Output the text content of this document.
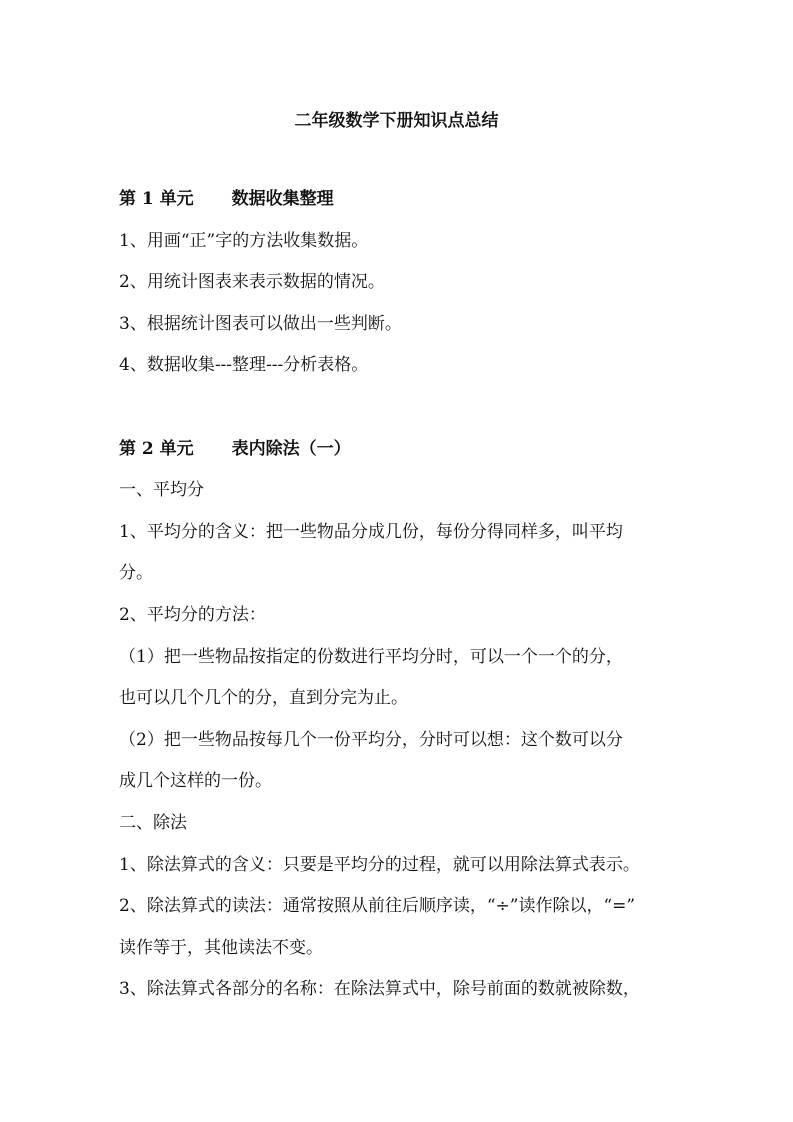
二年级数学下册知识点总结
第 1 单元 数据收集整理
1、用画“正”字的方法收集数据。
2、用统计图表来表示数据的情况。
3、根据统计图表可以做出一些判断。
4、数据收集---整理---分析表格。
第 2 单元 表内除法（一）
一、平均分
1、平均分的含义：把一些物品分成几份，每份分得同样多，叫平均
分。
2、平均分的方法：
（1）把一些物品按指定的份数进行平均分时，可以一个一个的分，
也可以几个几个的分，直到分完为止。
（2）把一些物品按每几个一份平均分，分时可以想：这个数可以分
成几个这样的一份。
二、除法
1、除法算式的含义：只要是平均分的过程，就可以用除法算式表示。
2、除法算式的读法：通常按照从前往后顺序读，“÷”读作除以，“=”
读作等于，其他读法不变。
3、除法算式各部分的名称：在除法算式中，除号前面的数就被除数，
